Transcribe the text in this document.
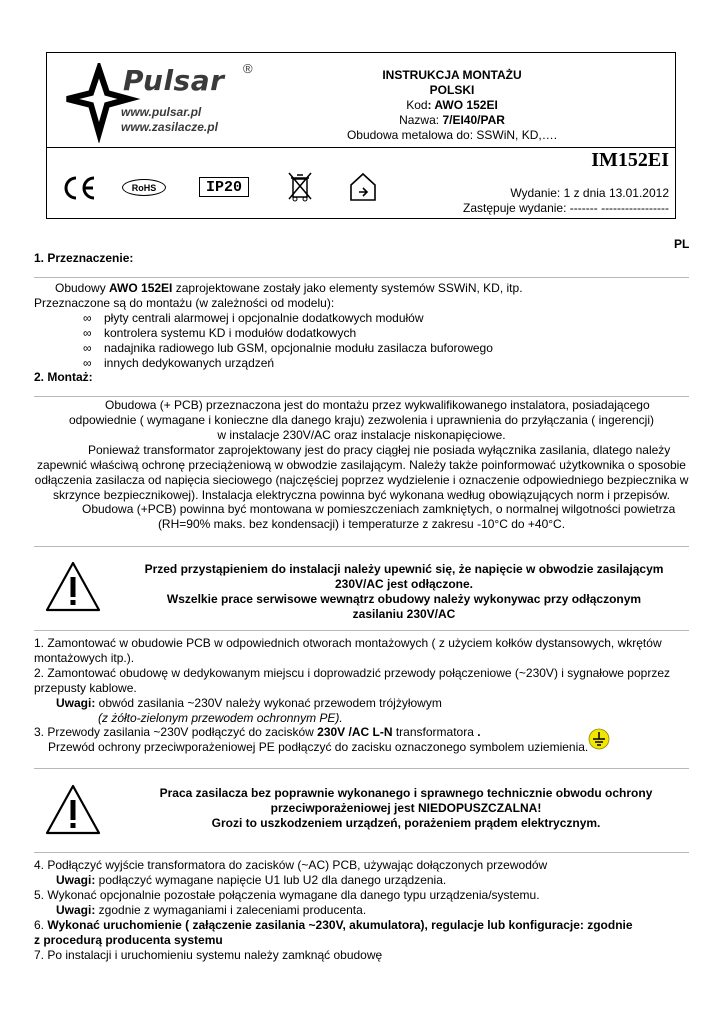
Pulsar ®
www.pulsar.pl
www.zasilacze.pl
INSTRUKCJA MONTAŻU
POLSKI
Kod: AWO 152EI
Nazwa: 7/EI40/PAR
Obudowa metalowa do: SSWiN, KD,….
IM152EI
RoHS	IP20	Wydanie: 1 z dnia 13.01.2012
Zastępuje wydanie: ------- -----------------
PL
1. Przeznaczenie:
Obudowy AWO 152EI zaprojektowane zostały jako elementy systemów SSWiN, KD, itp.
Przeznaczone są do montażu (w zależności od modelu):
∞ płyty centrali alarmowej i opcjonalnie dodatkowych modułów
∞ kontrolera systemu KD i modułów dodatkowych
∞ nadajnika radiowego lub GSM, opcjonalnie modułu zasilacza buforowego
∞ innych dedykowanych urządzeń
2. Montaż:
Obudowa (+ PCB) przeznaczona jest do montażu przez wykwalifikowanego instalatora, posiadającego
odpowiednie ( wymagane i konieczne dla danego kraju) zezwolenia i uprawnienia do przyłączania ( ingerencji)
w instalacje 230V/AC oraz instalacje niskonapięciowe.
Ponieważ transformator zaprojektowany jest do pracy ciągłej nie posiada wyłącznika zasilania, dlatego należy
zapewnić właściwą ochronę przeciążeniową w obwodzie zasilającym. Należy także poinformować użytkownika o sposobie
odłączenia zasilacza od napięcia sieciowego (najczęściej poprzez wydzielenie i oznaczenie odpowiedniego bezpiecznika w
skrzynce bezpiecznikowej). Instalacja elektryczna powinna być wykonana według obowiązujących norm i przepisów.
Obudowa (+PCB) powinna być montowana w pomieszczeniach zamkniętych, o normalnej wilgotności powietrza
(RH=90% maks. bez kondensacji) i temperaturze z zakresu -10°C do +40°C.
Przed przystąpieniem do instalacji należy upewnić się, że napięcie w obwodzie zasilającym
230V/AC jest odłączone.
Wszelkie prace serwisowe wewnątrz obudowy należy wykonywac przy odłączonym
zasilaniu 230V/AC
1. Zamontować w obudowie PCB w odpowiednich otworach montażowych ( z użyciem kołków dystansowych, wkrętów
montażowych itp.).
2. Zamontować obudowę w dedykowanym miejscu i doprowadzić przewody połączeniowe (~230V) i sygnałowe poprzez
przepusty kablowe.
Uwagi: obwód zasilania ~230V należy wykonać przewodem trójżyłowym
(z żółto-zielonym przewodem ochronnym PE).
3. Przewody zasilania ~230V podłączyć do zacisków 230V /AC L-N transformatora .
Przewód ochrony przeciwporażeniowej PE podłączyć do zacisku oznaczonego symbolem uziemienia.
Praca zasilacza bez poprawnie wykonanego i sprawnego technicznie obwodu ochrony
przeciwporażeniowej jest NIEDOPUSZCZALNA!
Grozi to uszkodzeniem urządzeń, porażeniem prądem elektrycznym.
4. Podłączyć wyjście transformatora do zacisków (~AC) PCB, używając dołączonych przewodów
Uwagi: podłączyć wymagane napięcie U1 lub U2 dla danego urządzenia.
5. Wykonać opcjonalnie pozostałe połączenia wymagane dla danego typu urządzenia/systemu.
Uwagi: zgodnie z wymaganiami i zaleceniami producenta.
6. Wykonać uruchomienie ( załączenie zasilania ~230V, akumulatora), regulacje lub konfiguracje: zgodnie
z procedurą producenta systemu
7. Po instalacji i uruchomieniu systemu należy zamknąć obudowę
